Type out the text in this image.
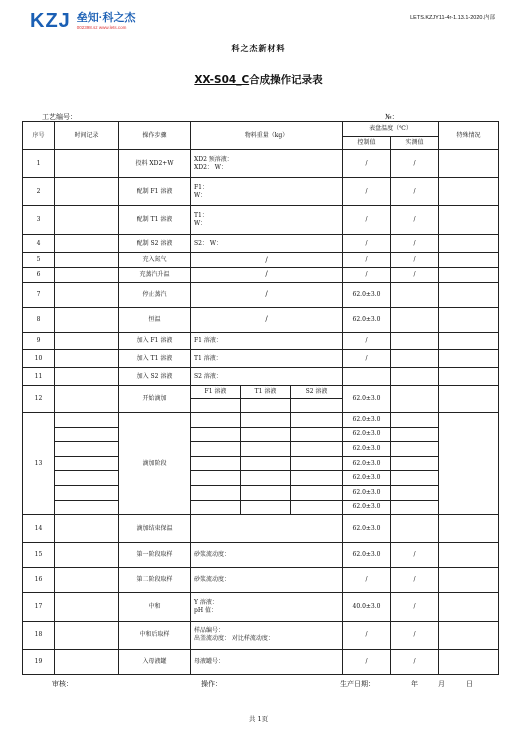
KZJ 垒知·科之杰
002398.sz www.lets.com
LETS.KZJY11-4r-1.13.1-2020.内部
科之杰新材料
XX-S04_C合成操作记录表
工艺编号：	№：
序号	时间记录	操作步骤	物料重量（kg）			表盘温度（℃）		特殊情况
						控制值	实测值	
1		投料 XD2+W	XD2 预溶液：
XD2： W：			/	/	
2		配制 F1 溶液	F1：
W：			/	/	
3		配制 T1 溶液	T1：
W：			/	/	
4		配制 S2 溶液	S2： W：			/	/	
5		充入氮气	/			/	/	
6		充蒸汽升温	/			/	/	
7		停止蒸汽	/			62.0±3.0		
8		恒温	/			62.0±3.0		
9		加入 F1 溶液	F1 溶液：			/		
10		加入 T1 溶液	T1 溶液：			/		
11		加入 S2 溶液	S2 溶液：					

12		开始滴加	F1 溶液	T1 溶液	S2 溶液	62.0±3.0		

13		滴加阶段				62.0±3.0		
						62.0±3.0		
						62.0±3.0		
						62.0±3.0		
						62.0±3.0		
						62.0±3.0		
						62.0±3.0		
14		滴加结束保温				62.0±3.0		
15		第一阶段取样	砂浆流动度：			62.0±3.0	/	
16		第二阶段取样	砂浆流动度：			/	/	
17		中和	Y 溶液：
pH 值：			40.0±3.0	/	
18		中和后取样	样品编号：
出釜流动度： 对比样流动度：			/	/	
19		入母液罐	母液罐号：			/	/	
审核：	操作：	生产日期：	年	月	日
共 1页
